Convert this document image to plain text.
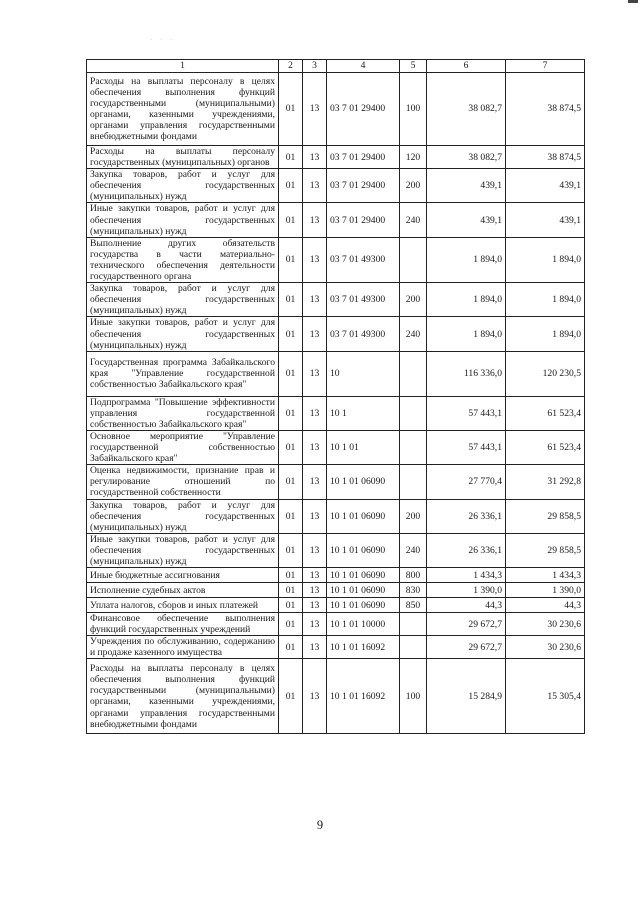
· · ·
1	2	3	4	5	6	7
Расходы на выплаты персоналу в целях обеспечения выполнения функций государственными (муниципальными) органами, казенными учреждениями, органами управления государственными внебюджетными фондами	01	13	03 7 01 29400	100	38 082,7	38 874,5
Расходы на выплаты персоналу государственных (муниципальных) органов	01	13	03 7 01 29400	120	38 082,7	38 874,5
Закупка товаров, работ и услуг для обеспечения государственных (муниципальных) нужд	01	13	03 7 01 29400	200	439,1	439,1
Иные закупки товаров, работ и услуг для обеспечения государственных (муниципальных) нужд	01	13	03 7 01 29400	240	439,1	439,1
Выполнение других обязательств государства в части материально-технического обеспечения деятельности государственного органа	01	13	03 7 01 49300		1 894,0	1 894,0
Закупка товаров, работ и услуг для обеспечения государственных (муниципальных) нужд	01	13	03 7 01 49300	200	1 894,0	1 894,0
Иные закупки товаров, работ и услуг для обеспечения государственных (муниципальных) нужд	01	13	03 7 01 49300	240	1 894,0	1 894,0
Государственная программа Забайкальского края "Управление государственной собственностью Забайкальского края"	01	13	10		116 336,0	120 230,5
Подпрограмма "Повышение эффективности управления государственной собственностью Забайкальского края"	01	13	10 1		57 443,1	61 523,4
Основное мероприятие "Управление государственной собственностью Забайкальского края"	01	13	10 1 01		57 443,1	61 523,4
Оценка недвижимости, признание прав и регулирование отношений по государственной собственности	01	13	10 1 01 06090		27 770,4	31 292,8
Закупка товаров, работ и услуг для обеспечения государственных (муниципальных) нужд	01	13	10 1 01 06090	200	26 336,1	29 858,5
Иные закупки товаров, работ и услуг для обеспечения государственных (муниципальных) нужд	01	13	10 1 01 06090	240	26 336,1	29 858,5
Иные бюджетные ассигнования	01	13	10 1 01 06090	800	1 434,3	1 434,3
Исполнение судебных актов	01	13	10 1 01 06090	830	1 390,0	1 390,0
Уплата налогов, сборов и иных платежей	01	13	10 1 01 06090	850	44,3	44,3
Финансовое обеспечение выполнения функций государственных учреждений	01	13	10 1 01 10000		29 672,7	30 230,6
Учреждения по обслуживанию, содержанию и продаже казенного имущества	01	13	10 1 01 16092		29 672,7	30 230,6
Расходы на выплаты персоналу в целях обеспечения выполнения функций государственными (муниципальными) органами, казенными учреждениями, органами управления государственными внебюджетными фондами	01	13	10 1 01 16092	100	15 284,9	15 305,4
9
